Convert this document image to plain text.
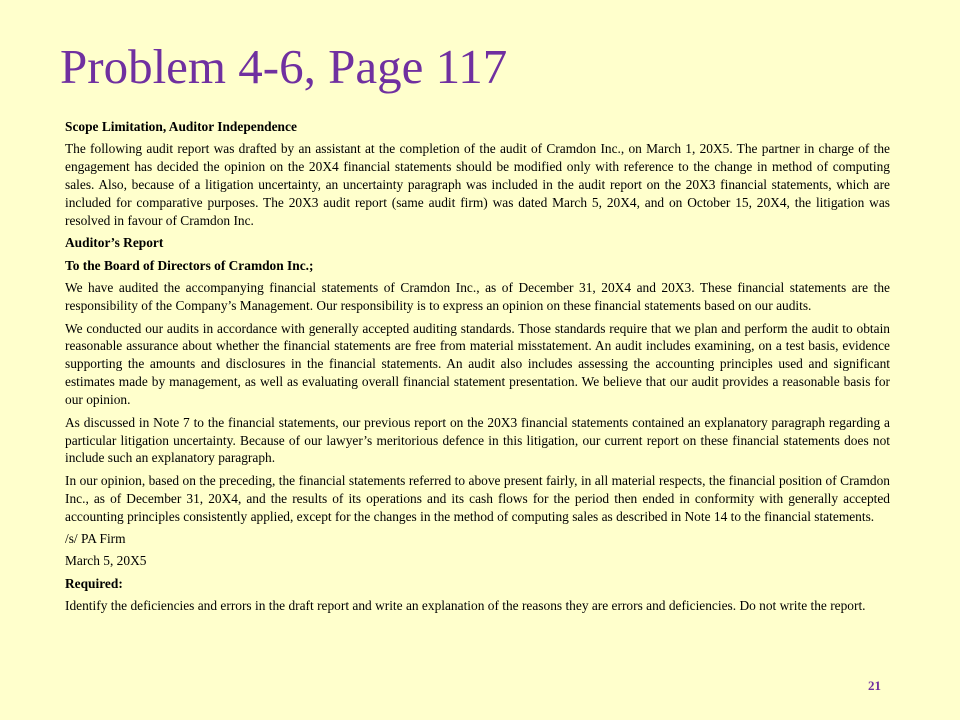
Problem 4-6, Page 117

Scope Limitation, Auditor Independence

The following audit report was drafted by an assistant at the completion of the audit of Cramdon Inc., on March 1, 20X5. The partner in charge of the engagement has decided the opinion on the 20X4 financial statements should be modified only with reference to the change in method of computing sales. Also, because of a litigation uncertainty, an uncertainty paragraph was included in the audit report on the 20X3 financial statements, which are included for comparative purposes. The 20X3 audit report (same audit firm) was dated March 5, 20X4, and on October 15, 20X4, the litigation was resolved in favour of Cramdon Inc.

Auditor’s Report

To the Board of Directors of Cramdon Inc.;

We have audited the accompanying financial statements of Cramdon Inc., as of December 31, 20X4 and 20X3. These financial statements are the responsibility of the Company’s Management. Our responsibility is to express an opinion on these financial statements based on our audits.

We conducted our audits in accordance with generally accepted auditing standards. Those standards require that we plan and perform the audit to obtain reasonable assurance about whether the financial statements are free from material misstatement. An audit includes examining, on a test basis, evidence supporting the amounts and disclosures in the financial statements. An audit also includes assessing the accounting principles used and significant estimates made by management, as well as evaluating overall financial statement presentation. We believe that our audit provides a reasonable basis for our opinion.

As discussed in Note 7 to the financial statements, our previous report on the 20X3 financial statements contained an explanatory paragraph regarding a particular litigation uncertainty. Because of our lawyer’s meritorious defence in this litigation, our current report on these financial statements does not include such an explanatory paragraph.

In our opinion, based on the preceding, the financial statements referred to above present fairly, in all material respects, the financial position of Cramdon Inc., as of December 31, 20X4, and the results of its operations and its cash flows for the period then ended in conformity with generally accepted accounting principles consistently applied, except for the changes in the method of computing sales as described in Note 14 to the financial statements.

/s/ PA Firm

March 5, 20X5

Required:

Identify the deficiencies and errors in the draft report and write an explanation of the reasons they are errors and deficiencies. Do not write the report.

21
